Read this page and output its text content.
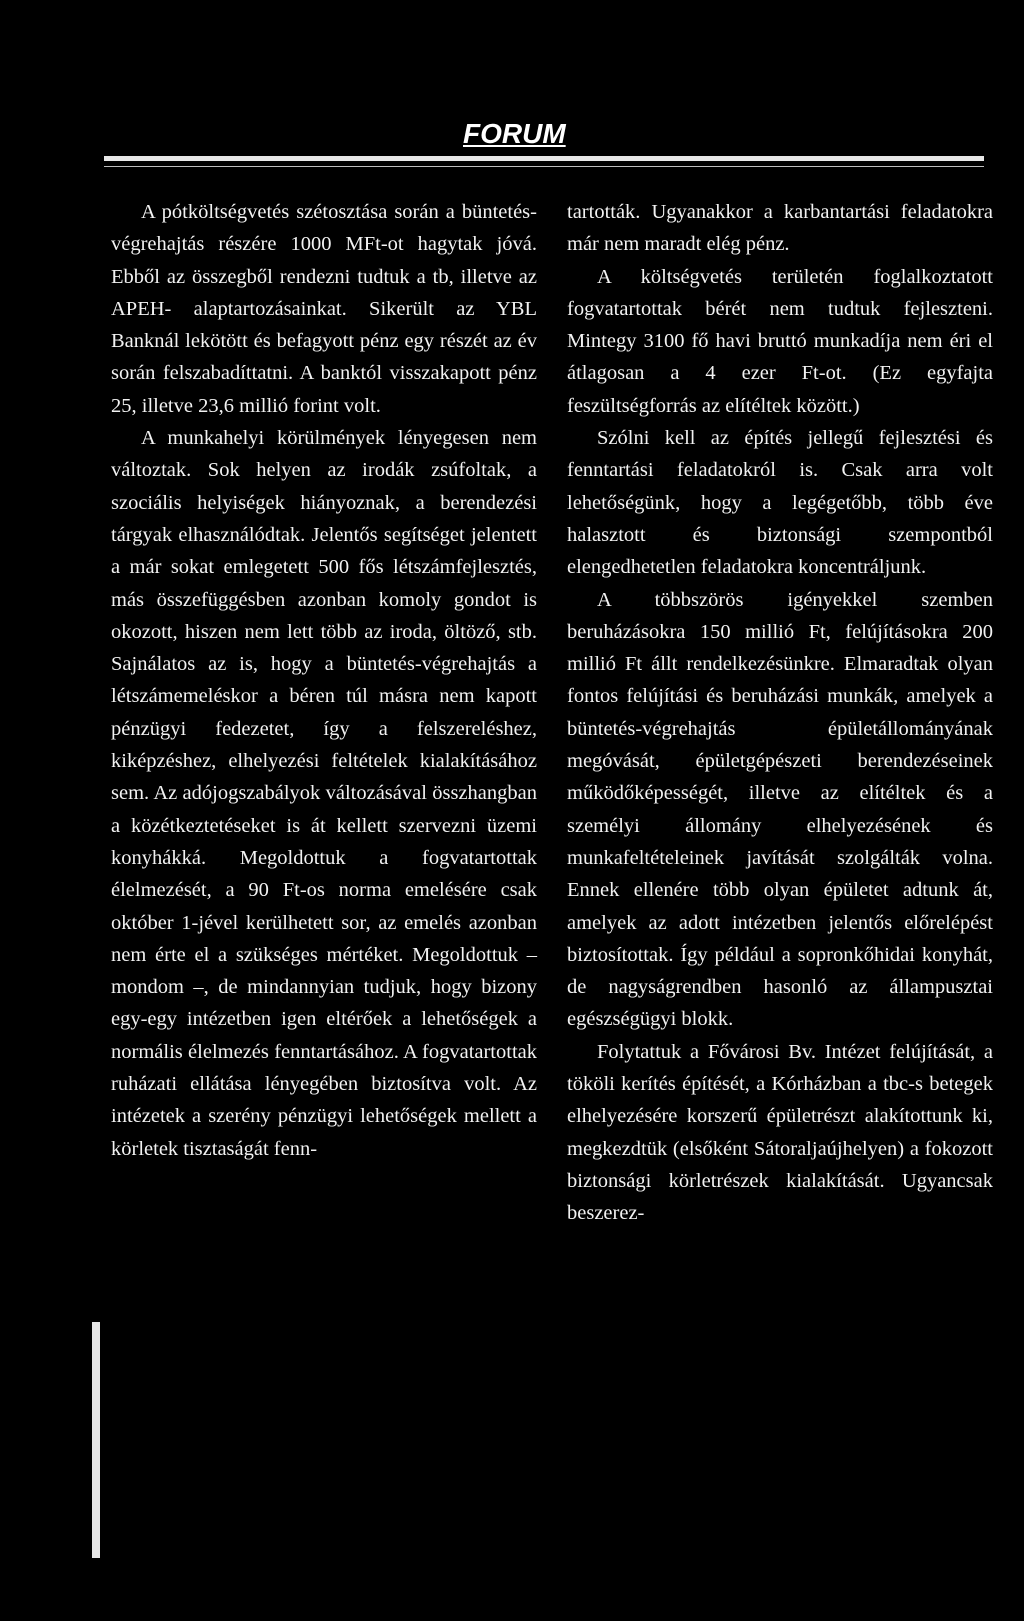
FORUM

A pótköltségvetés szétosztása során a büntetés-végrehajtás részére 1000 MFt-ot hagytak jóvá. Ebből az összegből rendezni tudtuk a tb, illetve az APEH- alaptartozásainkat. Sikerült az YBL Banknál lekötött és befagyott pénz egy részét az év során felszabadíttatni. A banktól visszakapott pénz 25, illetve 23,6 millió forint volt.

A munkahelyi körülmények lényegesen nem változtak. Sok helyen az irodák zsúfoltak, a szociális helyiségek hiányoznak, a berendezési tárgyak elhasználódtak. Jelentős segítséget jelentett a már sokat emlegetett 500 fős létszámfejlesztés, más összefüggésben azonban komoly gondot is okozott, hiszen nem lett több az iroda, öltöző, stb. Sajnálatos az is, hogy a büntetés-végrehajtás a létszámemeléskor a béren túl másra nem kapott pénzügyi fedezetet, így a felszereléshez, kiképzéshez, elhelyezési feltételek kialakításához sem. Az adójogszabályok változásával összhangban a közétkeztetéseket is át kellett szervezni üzemi konyhákká. Megoldottuk a fogvatartottak élelmezését, a 90 Ft-os norma emelésére csak október 1-jével kerülhetett sor, az emelés azonban nem érte el a szükséges mértéket. Megoldottuk – mondom –, de mindannyian tudjuk, hogy bizony egy-egy intézetben igen eltérőek a lehetőségek a normális élelmezés fenntartásához. A fogvatartottak ruházati ellátása lényegében biztosítva volt. Az intézetek a szerény pénzügyi lehetőségek mellett a körletek tisztaságát fenn-

tartották. Ugyanakkor a karbantartási feladatokra már nem maradt elég pénz.

A költségvetés területén foglalkoztatott fogvatartottak bérét nem tudtuk fejleszteni. Mintegy 3100 fő havi bruttó munkadíja nem éri el átlagosan a 4 ezer Ft-ot. (Ez egyfajta feszültségforrás az elítéltek között.)

Szólni kell az építés jellegű fejlesztési és fenntartási feladatokról is. Csak arra volt lehetőségünk, hogy a legégetőbb, több éve halasztott és biztonsági szempontból elengedhetetlen feladatokra koncentráljunk.

A többszörös igényekkel szemben beruházásokra 150 millió Ft, felújításokra 200 millió Ft állt rendelkezésünkre. Elmaradtak olyan fontos felújítási és beruházási munkák, amelyek a büntetés-végrehajtás épületállományának megóvását, épületgépészeti berendezéseinek működőképességét, illetve az elítéltek és a személyi állomány elhelyezésének és munkafeltételeinek javítását szolgálták volna. Ennek ellenére több olyan épületet adtunk át, amelyek az adott intézetben jelentős előrelépést biztosítottak. Így például a sopronkőhidai konyhát, de nagyságrendben hasonló az állampusztai egészségügyi blokk.

Folytattuk a Fővárosi Bv. Intézet felújítását, a tököli kerítés építését, a Kórházban a tbc-s betegek elhelyezésére korszerű épületrészt alakítottunk ki, megkezdtük (elsőként Sátoraljaújhelyen) a fokozott biztonsági körletrészek kialakítását. Ugyancsak beszerez-
